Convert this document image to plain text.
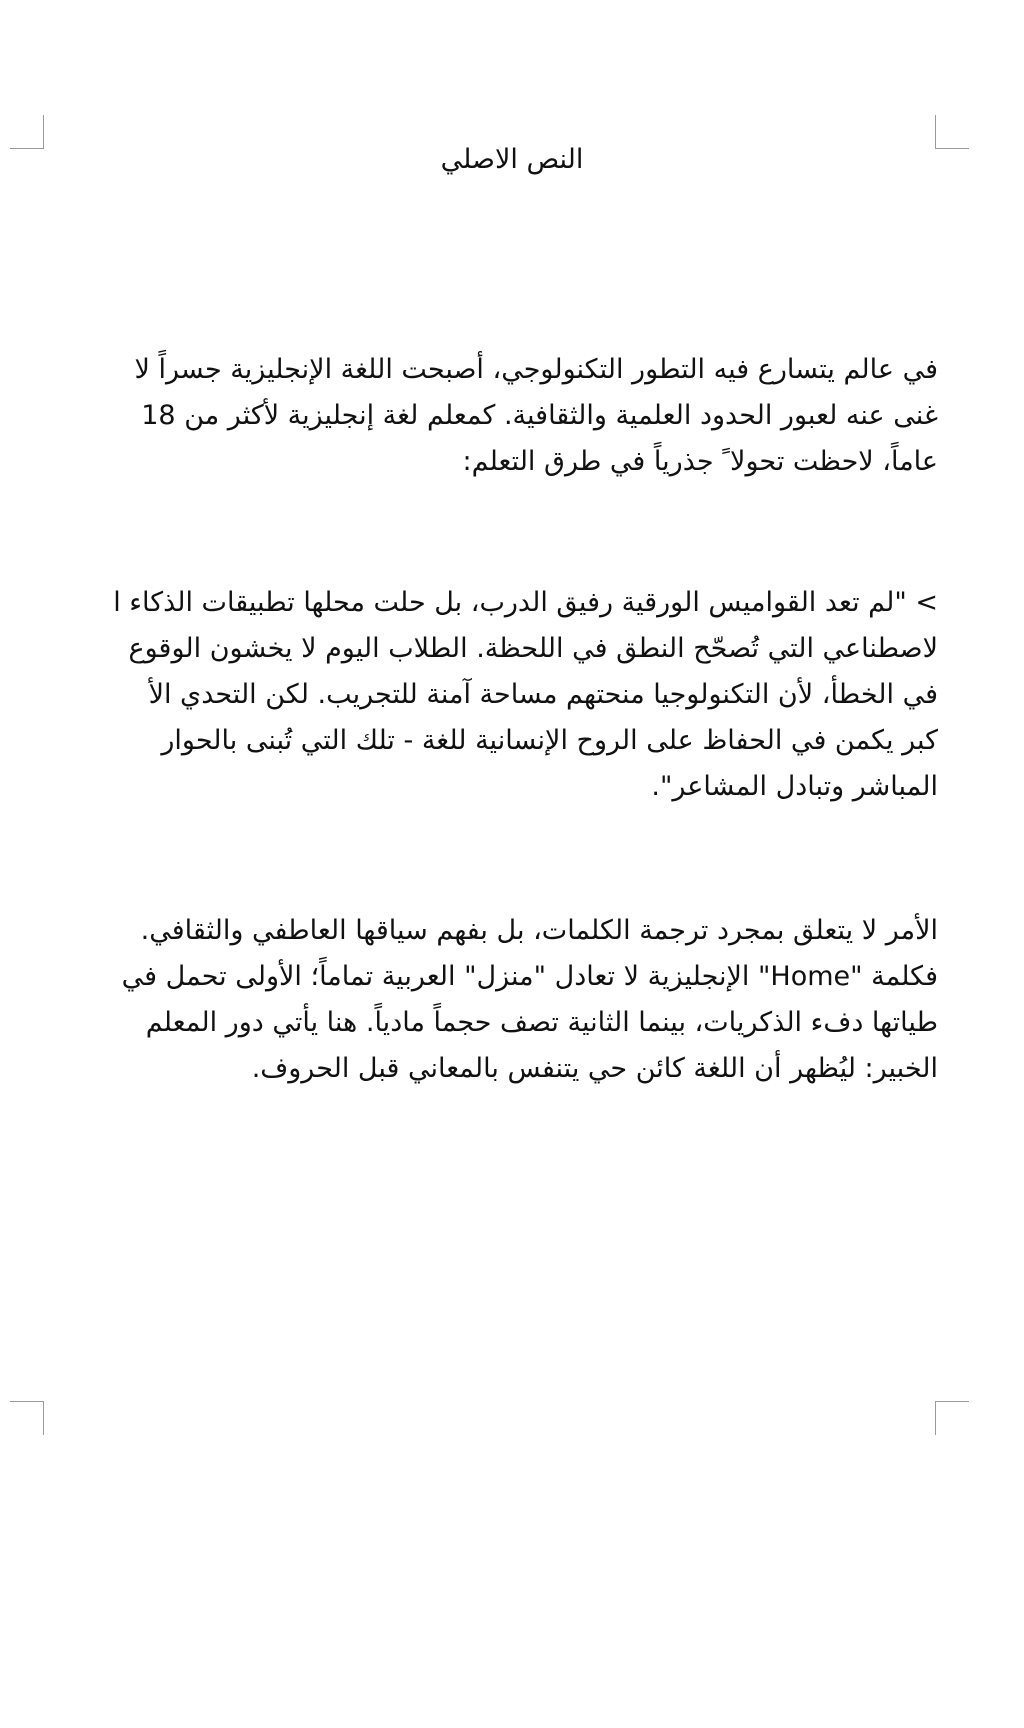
النص الاصلي
في عالم يتسارع فيه التطور التكنولوجي، أصبحت اللغة الإنجليزية جسراً لا
غنى عنه لعبور الحدود العلمية والثقافية. كمعلم لغة إنجليزية لأكثر من 18
عاماً، لاحظت تحولا ً جذرياً في طرق التعلم:
> "لم تعد القواميس الورقية رفيق الدرب، بل حلت محلها تطبيقات الذكاء ا
لاصطناعي التي تُصحّح النطق في اللحظة. الطلاب اليوم لا يخشون الوقوع
في الخطأ، لأن التكنولوجيا منحتهم مساحة آمنة للتجريب. لكن التحدي الأ
كبر يكمن في الحفاظ على الروح الإنسانية للغة - تلك التي تُبنى بالحوار
المباشر وتبادل المشاعر".
الأمر لا يتعلق بمجرد ترجمة الكلمات، بل بفهم سياقها العاطفي والثقافي.
فكلمة "Home" الإنجليزية لا تعادل "منزل" العربية تماماً؛ الأولى تحمل في
طياتها دفء الذكريات، بينما الثانية تصف حجماً مادياً. هنا يأتي دور المعلم
الخبير: ليُظهر أن اللغة كائن حي يتنفس بالمعاني قبل الحروف.
